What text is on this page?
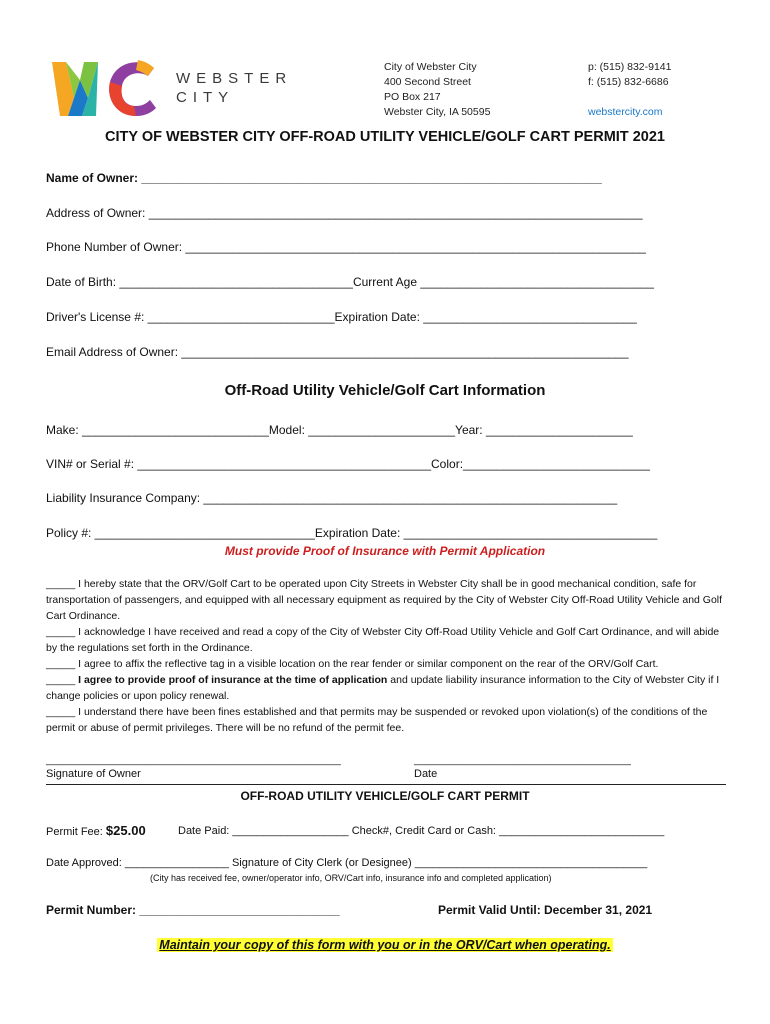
WEBSTER
CITY
City of Webster City
400 Second Street
PO Box 217
Webster City, IA 50595
p: (515) 832-9141
f: (515) 832-6686
webstercity.com
CITY OF WEBSTER CITY OFF-ROAD UTILITY VEHICLE/GOLF CART PERMIT 2021
Name of Owner: _____________________________________________________________________
Address of Owner: __________________________________________________________________________
Phone Number of Owner: _____________________________________________________________________
Date of Birth: ___________________________________Current Age ___________________________________
Driver's License #: ____________________________Expiration Date: ________________________________
Email Address of Owner: ___________________________________________________________________
Off-Road Utility Vehicle/Golf Cart Information
Make: ____________________________Model: ______________________Year: ______________________
VIN# or Serial #: ____________________________________________Color:____________________________
Liability Insurance Company: ______________________________________________________________
Policy #: _________________________________Expiration Date: ______________________________________
Must provide Proof of Insurance with Permit Application

_____ I hereby state that the ORV/Golf Cart to be operated upon City Streets in Webster City shall be in good mechanical condition, safe for transportation of passengers, and equipped with all necessary equipment as required by the City of Webster City Off-Road Utility Vehicle and Golf Cart Ordinance.

_____ I acknowledge I have received and read a copy of the City of Webster City Off-Road Utility Vehicle and Golf Cart Ordinance, and will abide by the regulations set forth in the Ordinance.

_____ I agree to affix the reflective tag in a visible location on the rear fender or similar component on the rear of the ORV/Golf Cart.

_____ I agree to provide proof of insurance at the time of application and update liability insurance information to the City of Webster City if I change policies or upon policy renewal.

_____ I understand there have been fines established and that permits may be suspended or revoked upon violation(s) of the conditions of the permit or abuse of permit privileges. There will be no refund of the permit fee.

_____________________________________________________	_______________________________________
Signature of Owner	Date
OFF-ROAD UTILITY VEHICLE/GOLF CART PERMIT
Permit Fee: $25.00	Date Paid: ___________________ Check#, Credit Card or Cash: ___________________________
Date Approved: _________________ Signature of City Clerk (or Designee) ______________________________________
(City has received fee, owner/operator info, ORV/Cart info, insurance info and completed application)
Permit Number: ______________________________	Permit Valid Until: December 31, 2021
Maintain your copy of this form with you or in the ORV/Cart when operating.
